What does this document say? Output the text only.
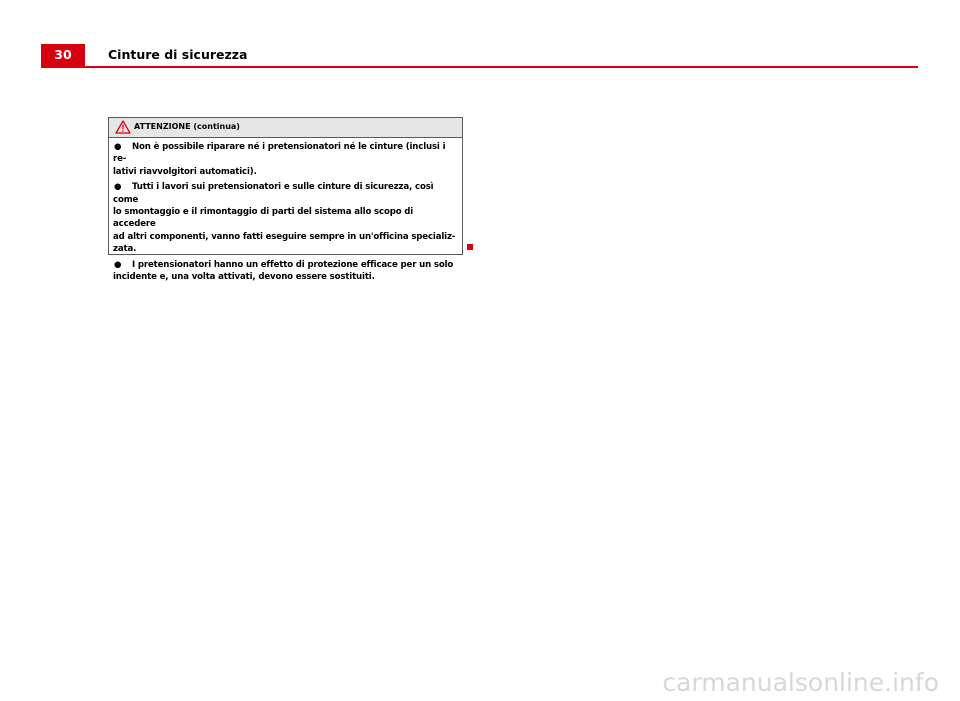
30	Cinture di sicurezza
ATTENZIONE (continua)
● Non è possibile riparare né i pretensionatori né le cinture (inclusi i re-
lativi riavvolgitori automatici).
● Tutti i lavori sui pretensionatori e sulle cinture di sicurezza, così come
lo smontaggio e il rimontaggio di parti del sistema allo scopo di accedere
ad altri componenti, vanno fatti eseguire sempre in un'officina specializ-
zata.
● I pretensionatori hanno un effetto di protezione efficace per un solo
incidente e, una volta attivati, devono essere sostituiti.
carmanualsonline.info
